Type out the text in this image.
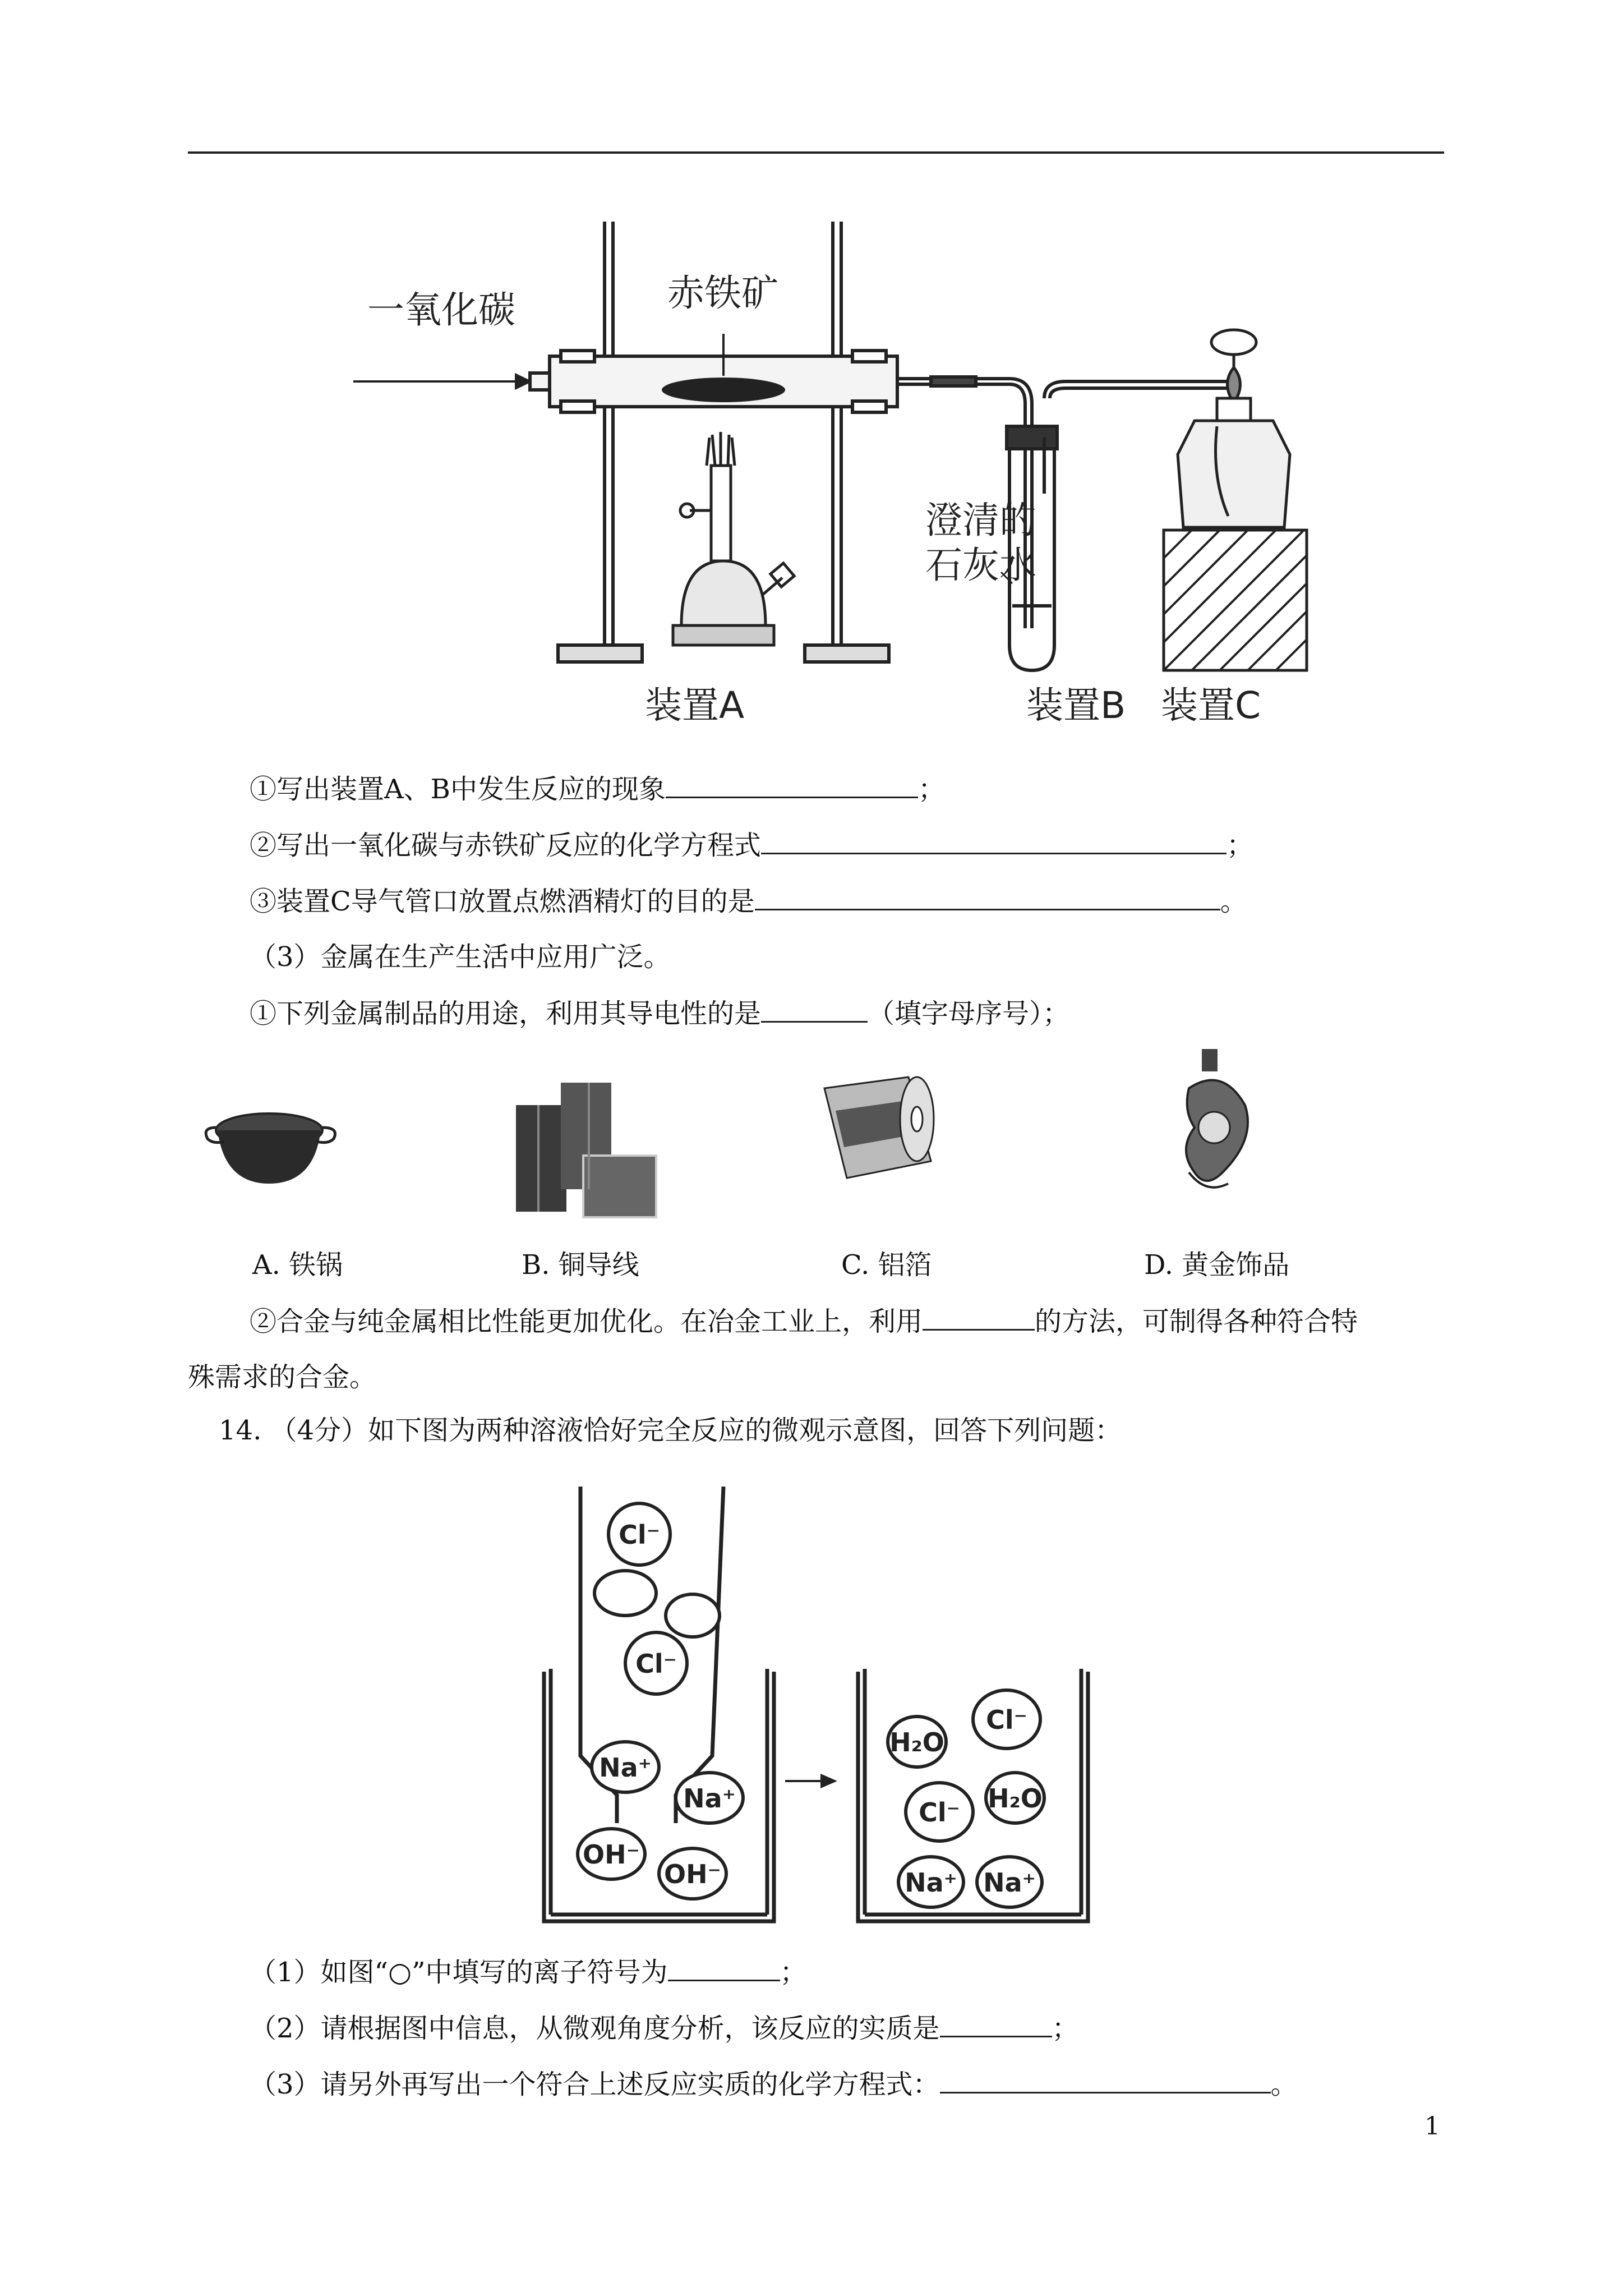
一氧化碳	赤铁矿
装置A
澄清的
石灰水
装置B 装置C
①写出装置A、B中发生反应的现象	；
②写出一氧化碳与赤铁矿反应的化学方程式	；
③装置C导气管口放置点燃酒精灯的目的是	。
（3）金属在生产生活中应用广泛。
①下列金属制品的用途，利用其导电性的是	（填字母序号）；
A. 铁锅	B. 铜导线	C. 铝箔	D. 黄金饰品
②合金与纯金属相比性能更加优化。在冶金工业上，利用	的方法，可制得各种符合特
殊需求的合金。
14. （4分）如下图为两种溶液恰好完全反应的微观示意图，回答下列问题：
Cl⁻
Cl⁻
Na⁺
Na⁺
OH⁻
OH⁻
H₂O
Cl⁻
Cl⁻ H₂O
Na⁺ Na⁺
（1）如图“○”中填写的离子符号为	；
（2）请根据图中信息，从微观角度分析，该反应的实质是	；
（3）请另外再写出一个符合上述反应实质的化学方程式：	。
1
